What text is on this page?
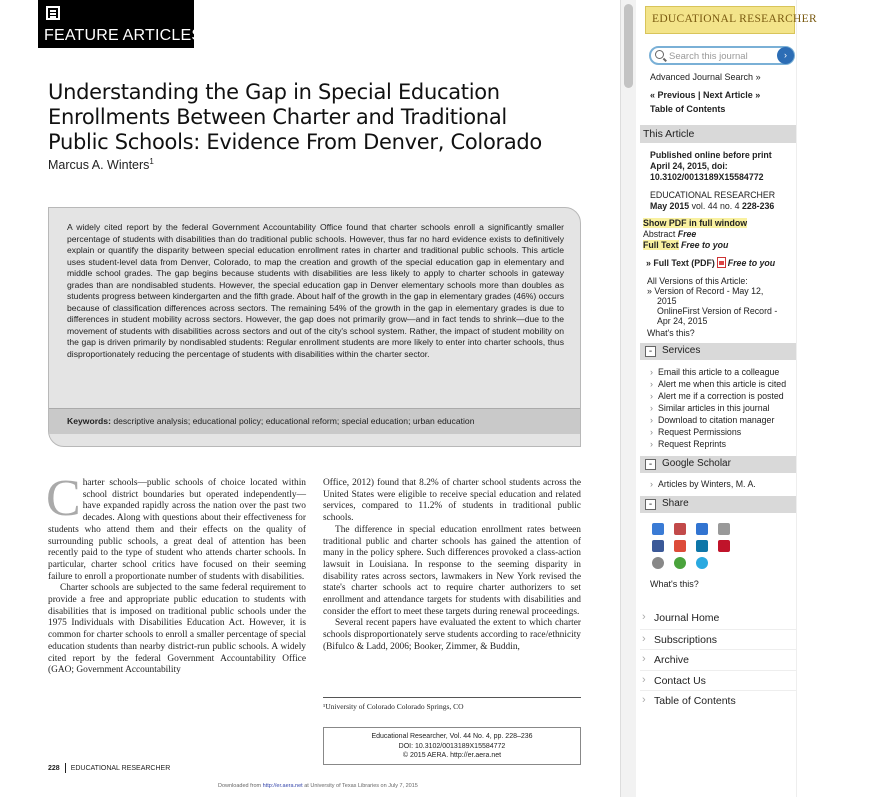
FEATURE ARTICLES
Understanding the Gap in Special Education Enrollments Between Charter and Traditional Public Schools: Evidence From Denver, Colorado
Marcus A. Winters$^1$

A widely cited report by the federal Government Accountability Office found that charter schools enroll a significantly smaller percentage of students with disabilities than do traditional public schools. However, thus far no hard evidence exists to definitively explain or quantify the disparity between special education enrollment rates in charter and traditional public schools. This article uses student-level data from Denver, Colorado, to map the creation and growth of the special education gap in elementary and middle school grades. The gap begins because students with disabilities are less likely to apply to charter schools in gateway grades than are nondisabled students. However, the special education gap in Denver elementary schools more than doubles as students progress between kindergarten and the fifth grade. About half of the growth in the gap in elementary grades (46%) occurs because of classification differences across sectors. The remaining 54% of the growth in the gap in elementary grades is due to differences in student mobility across sectors. However, the gap does not primarily grow—and in fact tends to shrink—due to the movement of students with disabilities across sectors and out of the city's school system. Rather, the impact of student mobility on the gap is driven primarily by nondisabled students: Regular enrollment students are more likely to enter into charter schools, thus disproportionately reducing the percentage of students with disabilities within the charter sector.

Keywords: descriptive analysis; educational policy; educational reform; special education; urban education

Charter schools—public schools of choice located within school district boundaries but operated independently—have expanded rapidly across the nation over the past two decades. Along with questions about their effectiveness for students who attend them and their effects on the quality of surrounding public schools, a great deal of attention has been recently paid to the type of student who attends charter schools. In particular, charter school critics have focused on their seeming failure to enroll a proportionate number of students with disabilities.

Charter schools are subjected to the same federal requirement to provide a free and appropriate public education to students with disabilities that is imposed on traditional public schools under the 1975 Individuals with Disabilities Education Act. However, it is common for charter schools to enroll a smaller percentage of special education students than nearby district-run public schools. A widely cited report by the federal Government Accountability Office (GAO; Government Accountability

Office, 2012) found that 8.2% of charter school students across the United States were eligible to receive special education and related services, compared to 11.2% of students in traditional public schools.

The difference in special education enrollment rates between traditional public and charter schools has gained the attention of many in the policy sphere. Such differences provoked a class-action lawsuit in Louisiana. In response to the seeming disparity in disability rates across sectors, lawmakers in New York revised the state's charter schools act to require charter authorizers to set enrollment and attendance targets for students with disabilities and consider the effort to meet these targets during renewal proceedings.

Several recent papers have evaluated the extent to which charter schools disproportionately serve students according to race/ethnicity (Bifulco & Ladd, 2006; Booker, Zimmer, & Buddin,

¹University of Colorado Colorado Springs, CO
Educational Researcher, Vol. 44 No. 4, pp. 228–236
DOI: 10.3102/0013189X15584772
© 2015 AERA. http://er.aera.net
228 EDUCATIONAL RESEARCHER
Downloaded from http://er.aera.net at University of Texas Libraries on July 7, 2015
EDUCATIONAL RESEARCHER
Search this journal
›
Advanced Journal Search »
« Previous | Next Article »
Table of Contents
This Article
Published online before print
April 24, 2015, doi:
10.3102/0013189X15584772
EDUCATIONAL RESEARCHER
May 2015 vol. 44 no. 4 228-236
Show PDF in full window
Abstract Free
Full Text Free to you
» Full Text (PDF) Free to you
All Versions of this Article:
» Version of Record - May 12,
2015
OnlineFirst Version of Record -
Apr 24, 2015
What's this?
- Services
› Email this article to a colleague
› Alert me when this article is cited
› Alert me if a correction is posted
› Similar articles in this journal
› Download to citation manager
› Request Permissions
› Request Reprints
- Google Scholar
› Articles by Winters, M. A.
- Share
What's this?
› Journal Home
› Subscriptions
› Archive
› Contact Us
› Table of Contents
